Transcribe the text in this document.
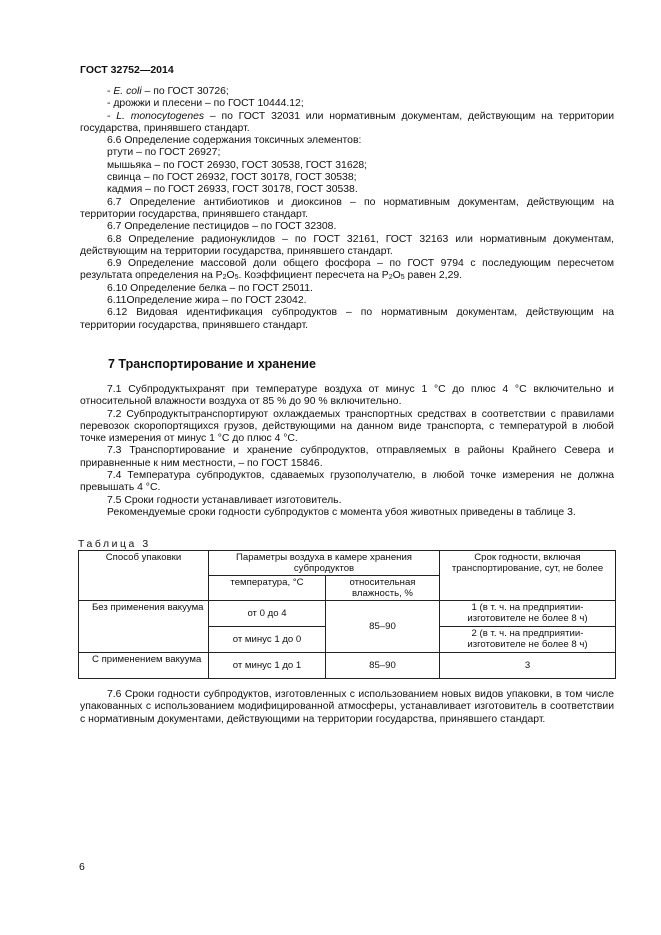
ГОСТ 32752—2014

- E. coli – по ГОСТ 30726;

- дрожжи и плесени – по ГОСТ 10444.12;

- L. monocytogenes – по ГОСТ 32031 или нормативным документам, действующим на территории государства, принявшего стандарт.

6.6 Определение содержания токсичных элементов:

ртути – по ГОСТ 26927;

мышьяка – по ГОСТ 26930, ГОСТ 30538, ГОСТ 31628;

свинца – по ГОСТ 26932, ГОСТ 30178, ГОСТ 30538;

кадмия – по ГОСТ 26933, ГОСТ 30178, ГОСТ 30538.

6.7 Определение антибиотиков и диоксинов – по нормативным документам, действующим на территории государства, принявшего стандарт.

6.7 Определение пестицидов – по ГОСТ 32308.

6.8 Определение радионуклидов – по ГОСТ 32161, ГОСТ 32163 или нормативным документам, действующим на территории государства, принявшего стандарт.

6.9 Определение массовой доли общего фосфора – по ГОСТ 9794 с последующим пересчетом результата определения на $P_2O_5$. Коэффициент пересчета на $P_2O_5$ равен 2,29.

6.10 Определение белка – по ГОСТ 25011.

6.11Определение жира – по ГОСТ 23042.

6.12 Видовая идентификация субпродуктов – по нормативным документам, действующим на территории государства, принявшего стандарт.

7 Транспортирование и хранение

7.1 Субпродуктыхранят при температуре воздуха от минус 1 °С до плюс 4 °С включительно и относительной влажности воздуха от 85 % до 90 % включительно.

7.2 Субпродуктытранспортируют охлаждаемых транспортных средствах в соответствии с правилами перевозок скоропортящихся грузов, действующими на данном виде транспорта, с температурой в любой точке измерения от минус 1 °С до плюс 4 °С.

7.3 Транспортирование и хранение субпродуктов, отправляемых в районы Крайнего Севера и приравненные к ним местности, – по ГОСТ 15846.

7.4 Температура субпродуктов, сдаваемых грузополучателю, в любой точке измерения не должна превышать 4 °С.

7.5 Сроки годности устанавливает изготовитель.

Рекомендуемые сроки годности субпродуктов с момента убоя животных приведены в таблице 3.

Таблица 3
Способ упаковки	Параметры воздуха в камере хранения субпродуктов		Срок годности, включая транспортирование, сут, не более
	температура, °С	относительная влажность, %	
Без применения вакуума	от 0 до 4	85–90	1 (в т. ч. на предприятии-изготовителе не более 8 ч)
	от минус 1 до 0		2 (в т. ч. на предприятии-изготовителе не более 8 ч)
С применением вакуума	от минус 1 до 1	85–90	3

7.6 Сроки годности субпродуктов, изготовленных с использованием новых видов упаковки, в том числе упакованных с использованием модифицированной атмосферы, устанавливает изготовитель в соответствии с нормативным документами, действующими на территории государства, принявшего стандарт.

6
